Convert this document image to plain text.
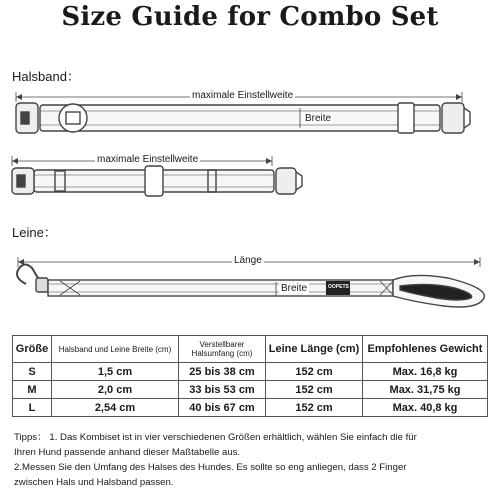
Size Guide for Combo Set
Halsband：
maximale Einstellweite
Breite
maximale Einstellweite
Leine：
Länge
Breite	OOPETS
Größe	Halsband und Leine Breite (cm)	Verstellbarer Halsumfang (cm)	Leine Länge (cm)	Empfohlenes Gewicht
S	1,5 cm	25 bis 38 cm	152 cm	Max. 16,8 kg
M	2,0 cm	33 bis 53 cm	152 cm	Max. 31,75 kg
L	2,54 cm	40 bis 67 cm	152 cm	Max. 40,8 kg
Tipps： 1. Das Kombiset ist in vier verschiedenen Größen erhältlich, wählen Sie einfach die für
Ihren Hund passende anhand dieser Maßtabelle aus.
2.Messen Sie den Umfang des Halses des Hundes. Es sollte so eng anliegen, dass 2 Finger
zwischen Hals und Halsband passen.
